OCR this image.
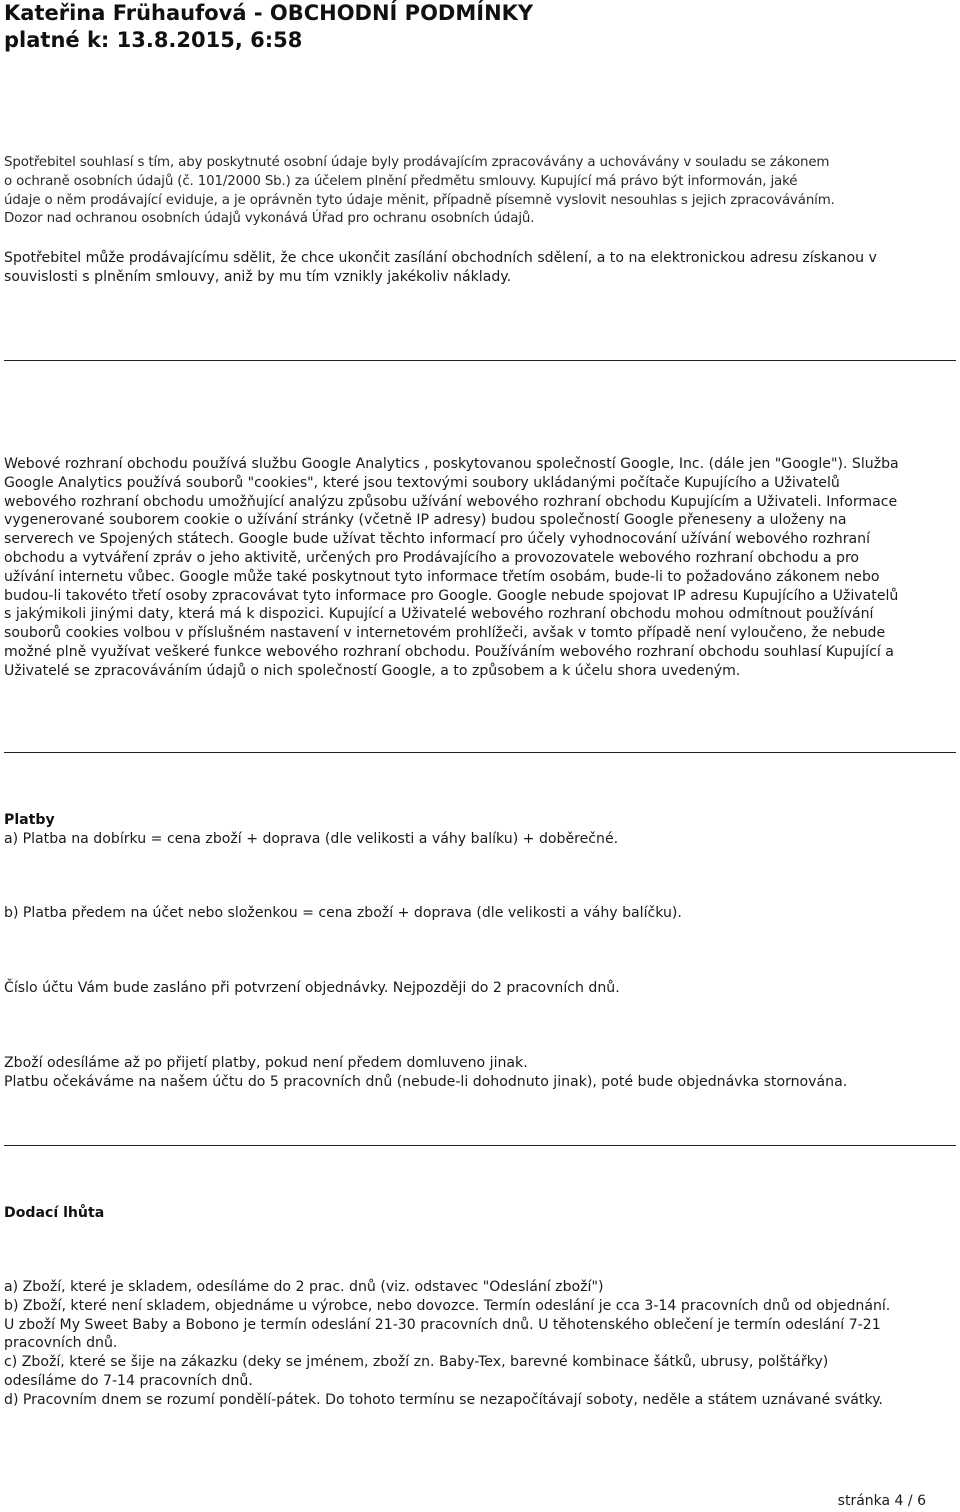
Kateřina Frühaufová - OBCHODNÍ PODMÍNKY
platné k: 13.8.2015, 6:58
Spotřebitel souhlasí s tím, aby poskytnuté osobní údaje byly prodávajícím zpracovávány a uchovávány v souladu se zákonem
o ochraně osobních údajů (č. 101/2000 Sb.) za účelem plnění předmětu smlouvy. Kupující má právo být informován, jaké
údaje o něm prodávající eviduje, a je oprávněn tyto údaje měnit, případně písemně vyslovit nesouhlas s jejich zpracováváním.
Dozor nad ochranou osobních údajů vykonává Úřad pro ochranu osobních údajů.
Spotřebitel může prodávajícímu sdělit, že chce ukončit zasílání obchodních sdělení, a to na elektronickou adresu získanou v
souvislosti s plněním smlouvy, aniž by mu tím vznikly jakékoliv náklady.
Webové rozhraní obchodu používá službu Google Analytics , poskytovanou společností Google, Inc. (dále jen "Google"). Služba
Google Analytics používá souborů "cookies", které jsou textovými soubory ukládanými počítače Kupujícího a Uživatelů
webového rozhraní obchodu umožňující analýzu způsobu užívání webového rozhraní obchodu Kupujícím a Uživateli. Informace
vygenerované souborem cookie o užívání stránky (včetně IP adresy) budou společností Google přeneseny a uloženy na
serverech ve Spojených státech. Google bude užívat těchto informací pro účely vyhodnocování užívání webového rozhraní
obchodu a vytváření zpráv o jeho aktivitě, určených pro Prodávajícího a provozovatele webového rozhraní obchodu a pro
užívání internetu vůbec. Google může také poskytnout tyto informace třetím osobám, bude-li to požadováno zákonem nebo
budou-li takovéto třetí osoby zpracovávat tyto informace pro Google. Google nebude spojovat IP adresu Kupujícího a Uživatelů
s jakýmikoli jinými daty, která má k dispozici. Kupující a Uživatelé webového rozhraní obchodu mohou odmítnout používání
souborů cookies volbou v příslušném nastavení v internetovém prohlížeči, avšak v tomto případě není vyloučeno, že nebude
možné plně využívat veškeré funkce webového rozhraní obchodu. Používáním webového rozhraní obchodu souhlasí Kupující a
Uživatelé se zpracováváním údajů o nich společností Google, a to způsobem a k účelu shora uvedeným.
Platby
a) Platba na dobírku = cena zboží + doprava (dle velikosti a váhy balíku) + doběrečné.
b) Platba předem na účet nebo složenkou = cena zboží + doprava (dle velikosti a váhy balíčku).
Číslo účtu Vám bude zasláno při potvrzení objednávky. Nejpozději do 2 pracovních dnů.
Zboží odesíláme až po přijetí platby, pokud není předem domluveno jinak.
Platbu očekáváme na našem účtu do 5 pracovních dnů (nebude-li dohodnuto jinak), poté bude objednávka stornována.
Dodací lhůta
a) Zboží, které je skladem, odesíláme do 2 prac. dnů (viz. odstavec "Odeslání zboží")
b) Zboží, které není skladem, objednáme u výrobce, nebo dovozce. Termín odeslání je cca 3-14 pracovních dnů od objednání.
U zboží My Sweet Baby a Bobono je termín odeslání 21-30 pracovních dnů. U těhotenského oblečení je termín odeslání 7-21
pracovních dnů.
c) Zboží, které se šije na zákazku (deky se jménem, zboží zn. Baby-Tex, barevné kombinace šátků, ubrusy, polštářky)
odesíláme do 7-14 pracovních dnů.
d) Pracovním dnem se rozumí pondělí-pátek. Do tohoto termínu se nezapočítávají soboty, neděle a státem uznávané svátky.
stránka 4 / 6
